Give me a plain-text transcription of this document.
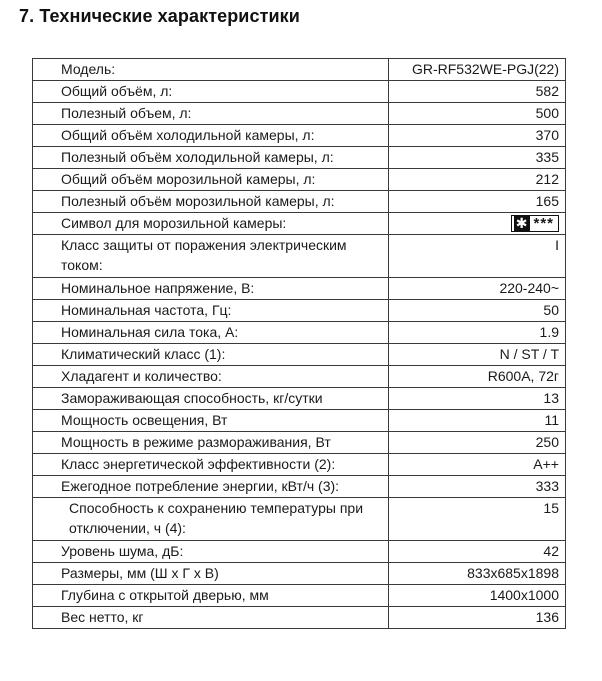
7. Технические характеристики
Модель:	GR-RF532WE-PGJ(22)
Общий объём, л:	582
Полезный объем, л:	500
Общий объём холодильной камеры, л:	370
Полезный объём холодильной камеры, л:	335
Общий объём морозильной камеры, л:	212
Полезный объём морозильной камеры, л:	165
Символ для морозильной камеры:	✱ ***

Класс защиты от поражения электрическим током:	I
Номинальное напряжение, В:	220-240~
Номинальная частота, Гц:	50
Номинальная сила тока, А:	1.9
Климатический класс (1):	N / ST / T
Хладагент и количество:	R600A, 72г
Замораживающая способность, кг/сутки	13
Мощность освещения, Вт	11
Мощность в режиме размораживания, Вт	250
Класс энергетической эффективности (2):	A++
Ежегодное потребление энергии, кВт/ч (3):	333
Способность к сохранению температуры при отключении, ч (4):	15
Уровень шума, дБ:	42
Размеры, мм (Ш х Г х В)	833х685х1898
Глубина с открытой дверью, мм	1400х1000
Вес нетто, кг	136
